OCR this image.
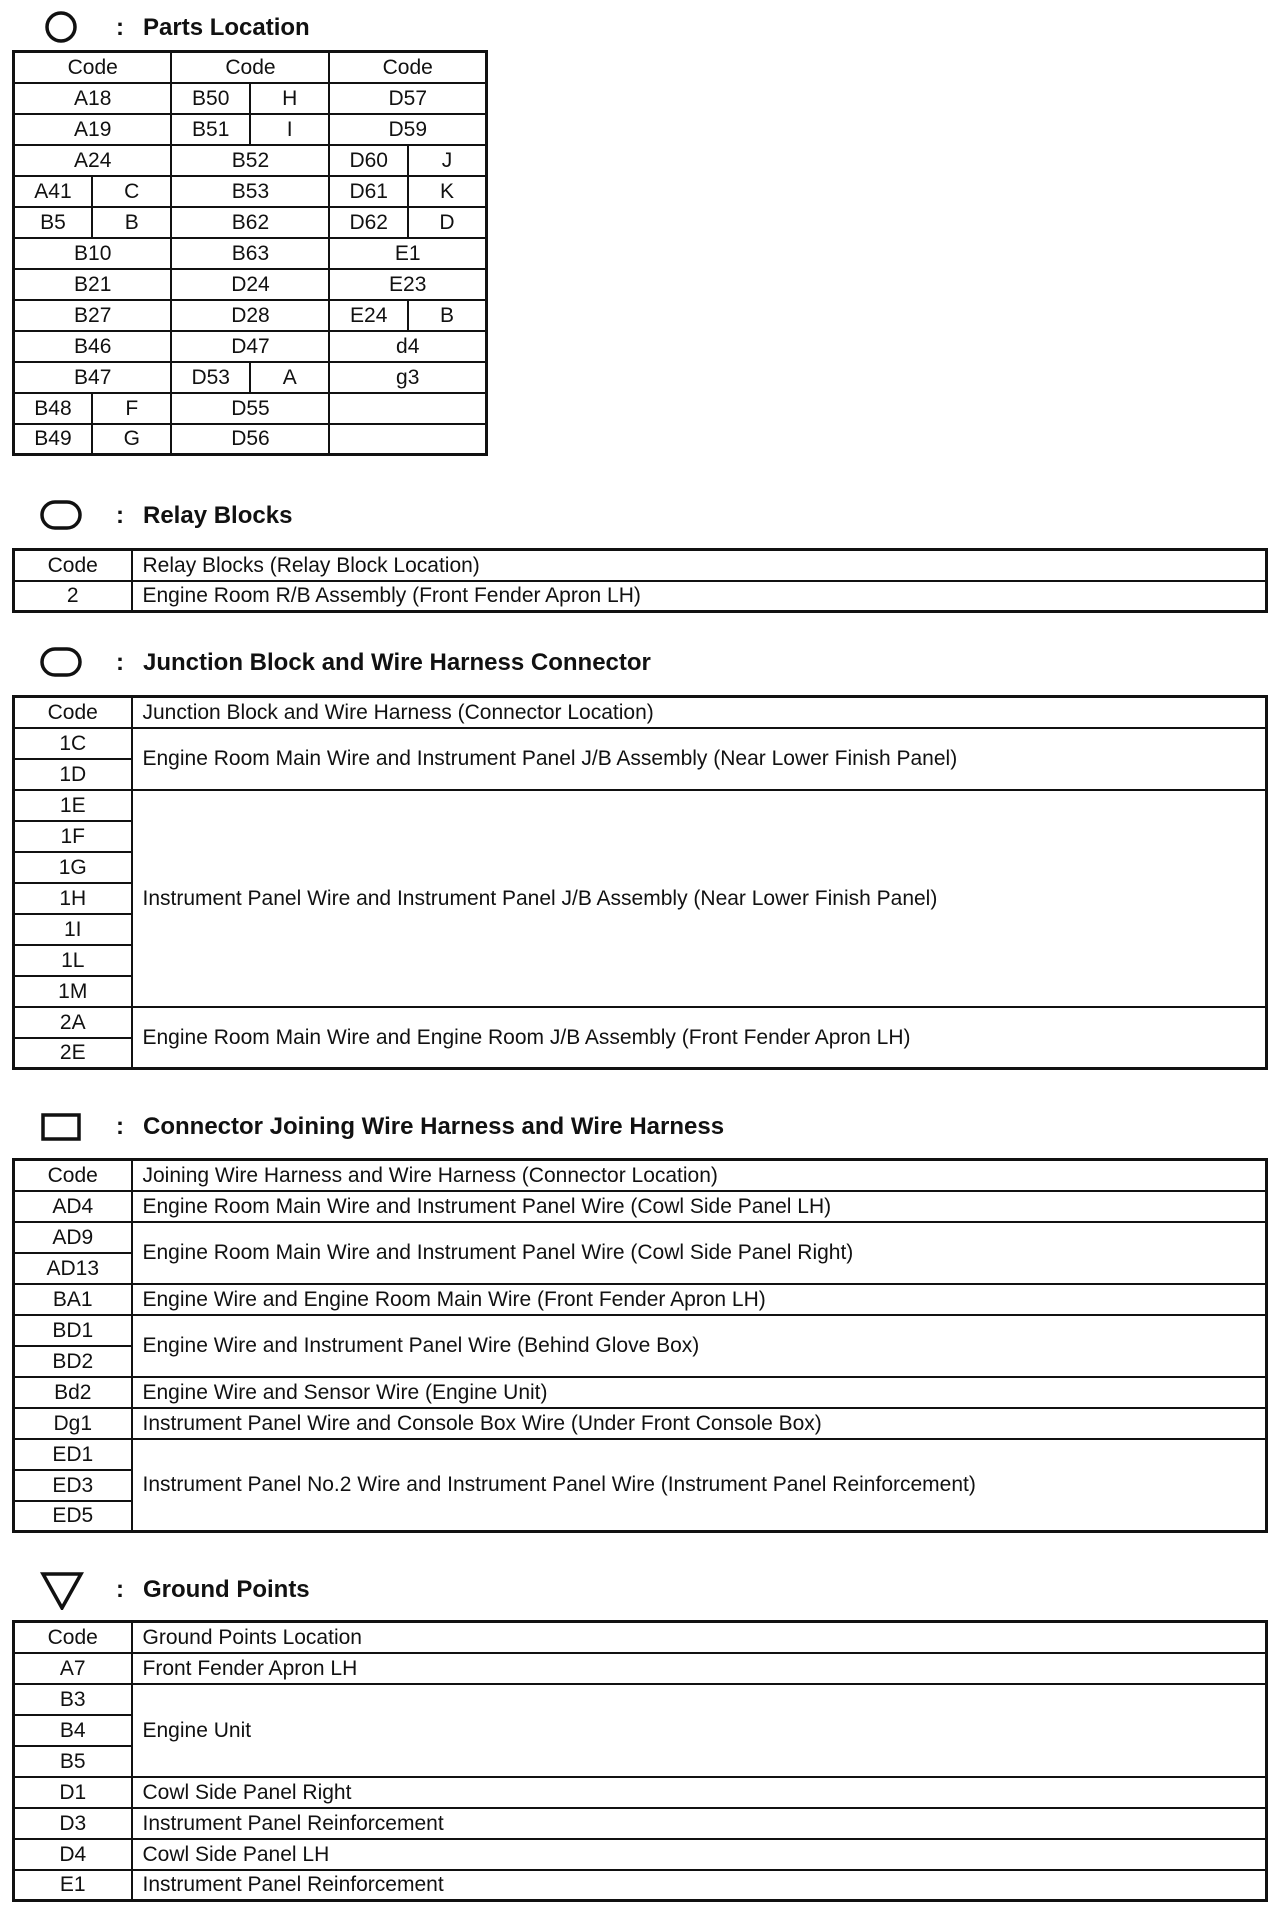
: Parts Location
Code		Code		Code	
A18		B50	H	D57	
A19		B51	I	D59	
A24		B52		D60	J
A41	C	B53		D61	K
B5	B	B62		D62	D
B10		B63		E1	
B21		D24		E23	
B27		D28		E24	B
B46		D47		d4	
B47		D53	A	g3	
B48	F	D55			
B49	G	D56			
: Relay Blocks
Code	Relay Blocks (Relay Block Location)
2	Engine Room R/B Assembly (Front Fender Apron LH)
: Junction Block and Wire Harness Connector
Code	Junction Block and Wire Harness (Connector Location)
1C	Engine Room Main Wire and Instrument Panel J/B Assembly (Near Lower Finish Panel)
1D	
1E	Instrument Panel Wire and Instrument Panel J/B Assembly (Near Lower Finish Panel)
1F	
1G	
1H	
1I	
1L	
1M	
2A	Engine Room Main Wire and Engine Room J/B Assembly (Front Fender Apron LH)
2E	
: Connector Joining Wire Harness and Wire Harness
Code	Joining Wire Harness and Wire Harness (Connector Location)
AD4	Engine Room Main Wire and Instrument Panel Wire (Cowl Side Panel LH)
AD9	Engine Room Main Wire and Instrument Panel Wire (Cowl Side Panel Right)
AD13	
BA1	Engine Wire and Engine Room Main Wire (Front Fender Apron LH)
BD1	Engine Wire and Instrument Panel Wire (Behind Glove Box)
BD2	
Bd2	Engine Wire and Sensor Wire (Engine Unit)
Dg1	Instrument Panel Wire and Console Box Wire (Under Front Console Box)
ED1	Instrument Panel No.2 Wire and Instrument Panel Wire (Instrument Panel Reinforcement)
ED3	
ED5	
: Ground Points
Code	Ground Points Location
A7	Front Fender Apron LH
B3	Engine Unit
B4	
B5	
D1	Cowl Side Panel Right
D3	Instrument Panel Reinforcement
D4	Cowl Side Panel LH
E1	Instrument Panel Reinforcement
